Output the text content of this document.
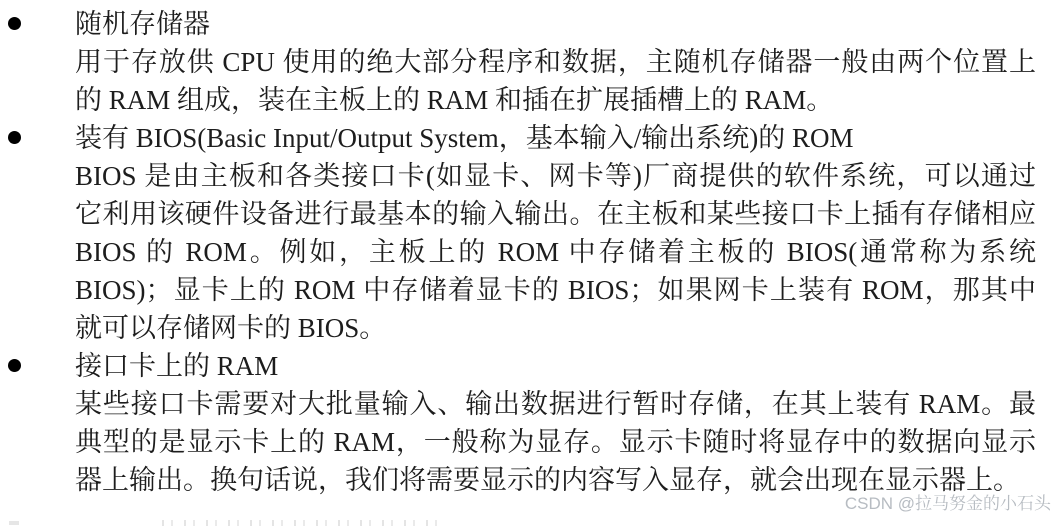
随机存储器
用于存放供 CPU 使用的绝大部分程序和数据，主随机存储器一般由两个位置上
的 RAM 组成，装在主板上的 RAM 和插在扩展插槽上的 RAM。
装有 BIOS(Basic Input/Output System，基本输入/输出系统)的 ROM
BIOS 是由主板和各类接口卡(如显卡、网卡等)厂商提供的软件系统，可以通过
它利用该硬件设备进行最基本的输入输出。在主板和某些接口卡上插有存储相应
BIOS 的 ROM。例如，主板上的 ROM 中存储着主板的 BIOS(通常称为系统
BIOS)；显卡上的 ROM 中存储着显卡的 BIOS；如果网卡上装有 ROM，那其中
就可以存储网卡的 BIOS。
接口卡上的 RAM
某些接口卡需要对大批量输入、输出数据进行暂时存储，在其上装有 RAM。最
典型的是显示卡上的 RAM，一般称为显存。显示卡随时将显存中的数据向显示
器上输出。换句话说，我们将需要显示的内容写入显存，就会出现在显示器上。
CSDN @拉马努金的小石头
